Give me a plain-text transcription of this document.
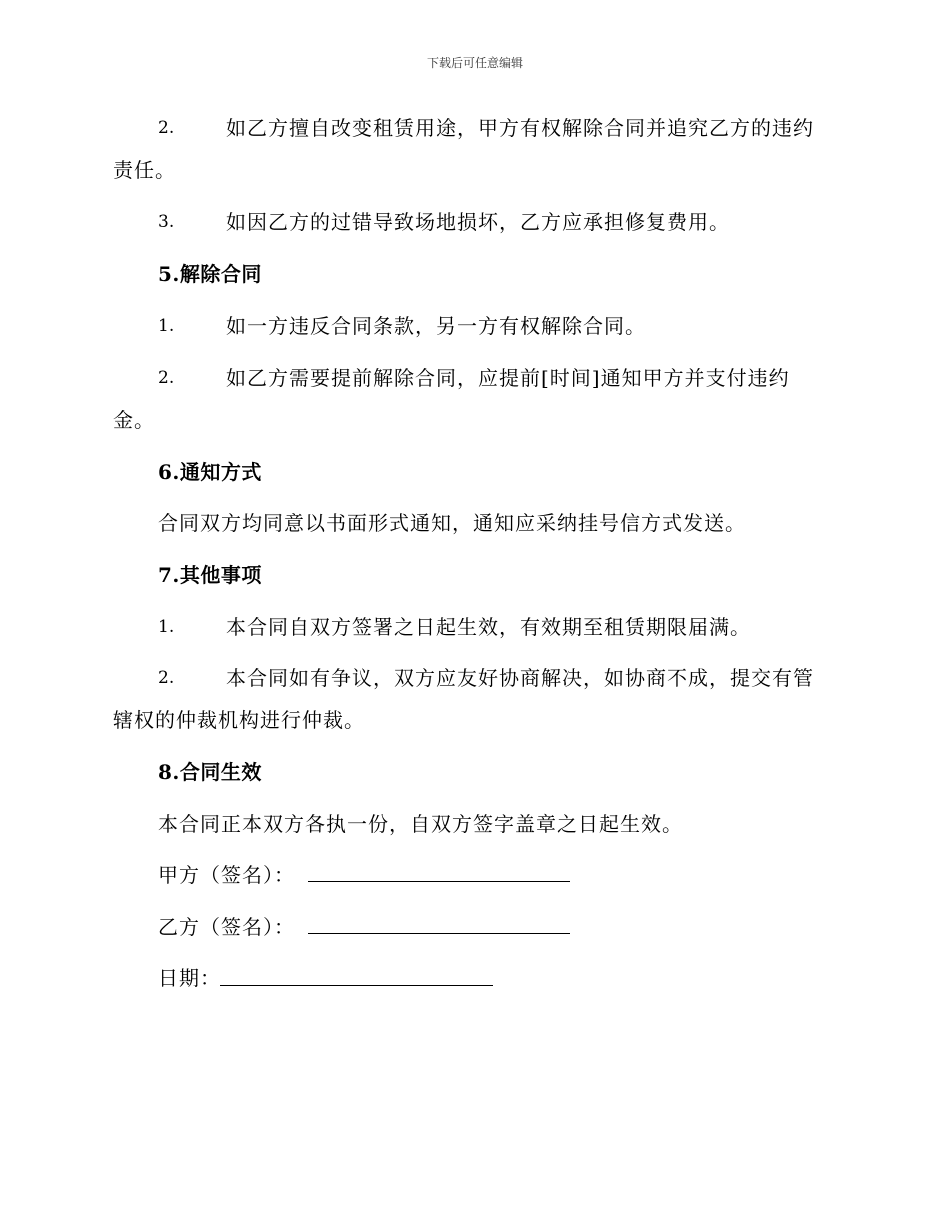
下载后可任意编辑
2.	如乙方擅自改变租赁用途，甲方有权解除合同并追究乙方的违约
责任。
3.	如因乙方的过错导致场地损坏，乙方应承担修复费用。
5.解除合同
1.	如一方违反合同条款，另一方有权解除合同。
2.	如乙方需要提前解除合同，应提前[时间]通知甲方并支付违约
金。
6.通知方式
合同双方均同意以书面形式通知，通知应采纳挂号信方式发送。
7.其他事项
1.	本合同自双方签署之日起生效，有效期至租赁期限届满。
2.	本合同如有争议，双方应友好协商解决，如协商不成，提交有管
辖权的仲裁机构进行仲裁。
8.合同生效
本合同正本双方各执一份，自双方签字盖章之日起生效。
甲方（签名）：
乙方（签名）：
日期：
